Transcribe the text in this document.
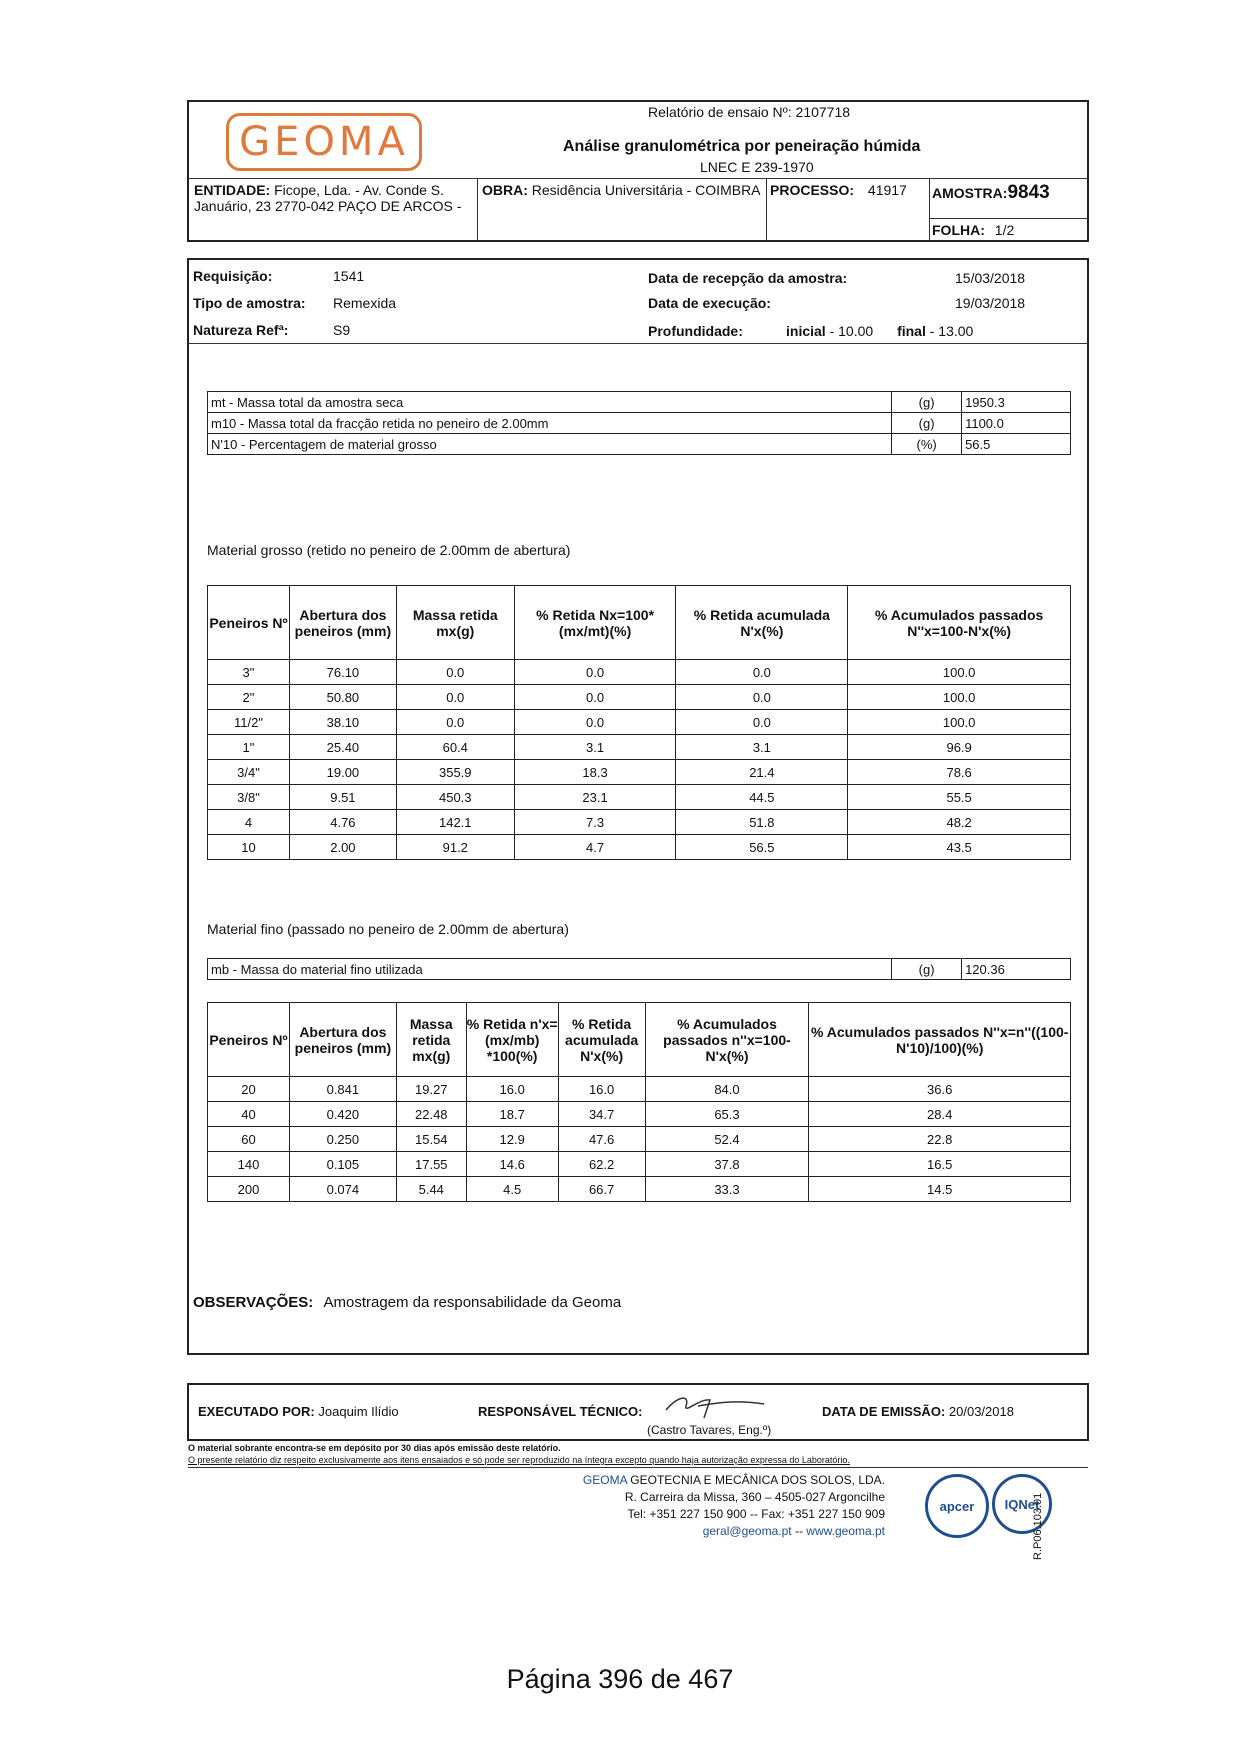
GEOMA
Relatório de ensaio Nº: 2107718
Análise granulométrica por peneiração húmida
LNEC E 239-1970
ENTIDADE: Ficope, Lda. - Av. Conde S. Januário, 23 2770-042 PAÇO DE ARCOS -
OBRA: Residência Universitária - COIMBRA PROCESSO: 41917 AMOSTRA:9843
FOLHA: 1/2
Requisição:	1541
Tipo de amostra: Remexida
Natureza Refª:	S9
Data de recepção da amostra:	15/03/2018
Data de execução:	19/03/2018
Profundidade:	inicial - 10.00 final - 13.00
mt - Massa total da amostra seca	(g)	1950.3
m10 - Massa total da fracção retida no peneiro de 2.00mm	(g)	1100.0
N'10 - Percentagem de material grosso	(%)	56.5
Material grosso (retido no peneiro de 2.00mm de abertura)
Peneiros Nº	Abertura dos peneiros (mm)	Massa retida mx(g)	% Retida Nx=100*(mx/mt)(%)	% Retida acumulada N'x(%)	% Acumulados passados N''x=100-N'x(%)
3"	76.10	0.0	0.0	0.0	100.0
2"	50.80	0.0	0.0	0.0	100.0
11/2"	38.10	0.0	0.0	0.0	100.0
1"	25.40	60.4	3.1	3.1	96.9
3/4"	19.00	355.9	18.3	21.4	78.6
3/8"	9.51	450.3	23.1	44.5	55.5
4	4.76	142.1	7.3	51.8	48.2
10	2.00	91.2	4.7	56.5	43.5
Material fino (passado no peneiro de 2.00mm de abertura)
mb - Massa do material fino utilizada	(g)	120.36
Peneiros Nº	Abertura dos peneiros (mm)	Massa retida mx(g)	% Retida n'x=(mx/mb) *100(%)	% Retida acumulada N'x(%)	% Acumulados passados n''x=100-N'x(%)	% Acumulados passados N''x=n''((100-N'10)/100)(%)
20	0.841	19.27	16.0	16.0	84.0	36.6
40	0.420	22.48	18.7	34.7	65.3	28.4
60	0.250	15.54	12.9	47.6	52.4	22.8
140	0.105	17.55	14.6	62.2	37.8	16.5
200	0.074	5.44	4.5	66.7	33.3	14.5
OBSERVAÇÕES: Amostragem da responsabilidade da Geoma
EXECUTADO POR: Joaquim Ilídio	RESPONSÁVEL TÉCNICO:
(Castro Tavares, Eng.º)
DATA DE EMISSÃO: 20/03/2018
O material sobrante encontra-se em depósito por 30 dias após emissão deste relatório.
O presente relatório diz respeito exclusivamente aos itens ensaiados e só pode ser reproduzido na íntegra excepto quando haja autorização expressa do Laboratório.
GEOMA GEOTECNIA E MECÂNICA DOS SOLOS, LDA.
R. Carreira da Missa, 360 – 4505-027 Argoncilhe
Tel: +351 227 150 900 -- Fax: +351 227 150 909
geral@geoma.pt -- www.geoma.pt
apcer IQNet
R.P06.103.01
Página 396 de 467
